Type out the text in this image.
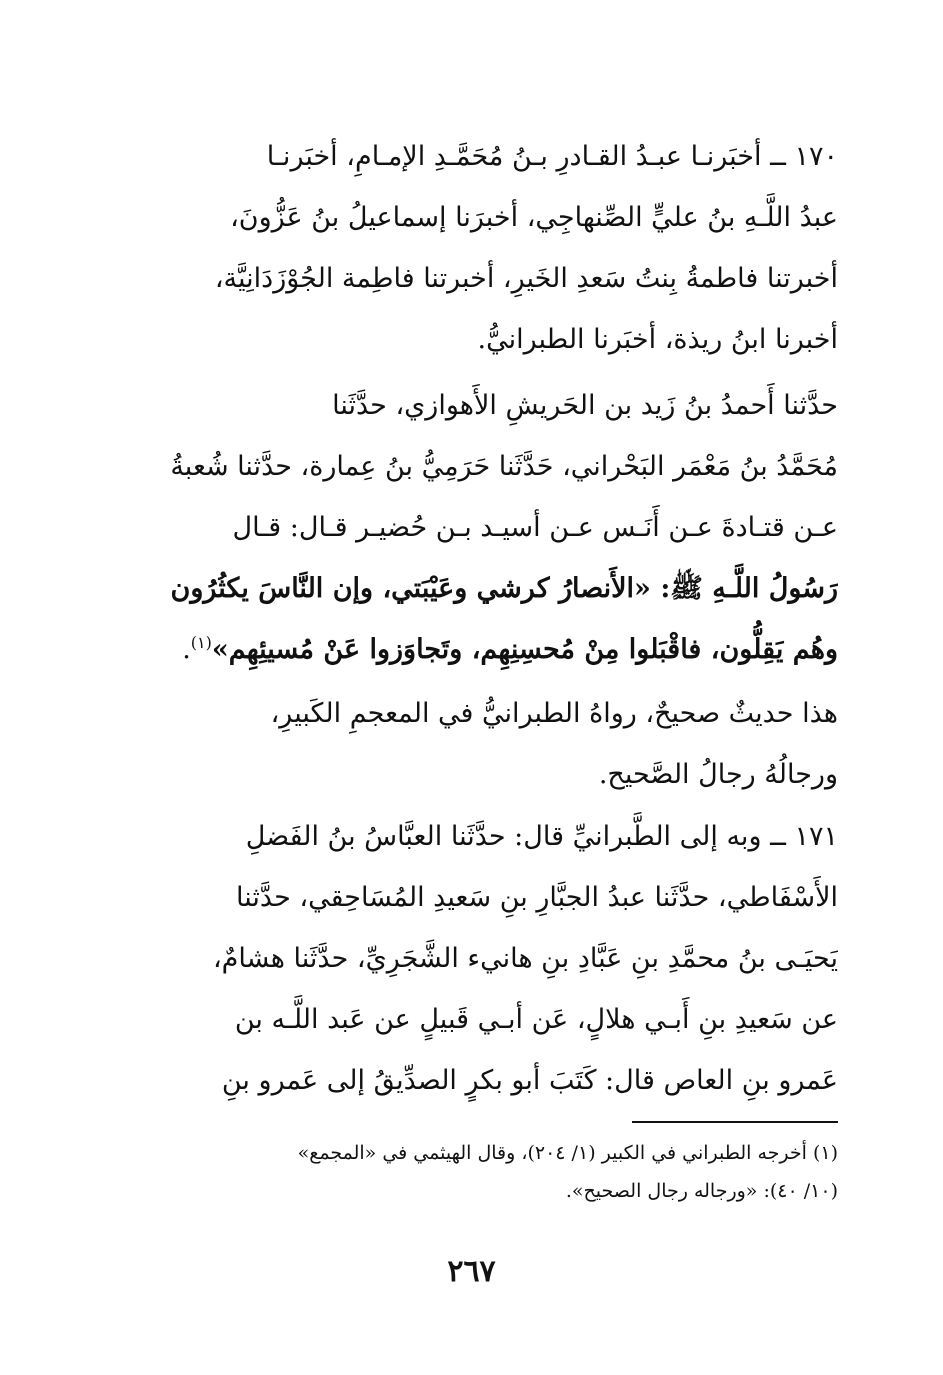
١٧٠ ــ أخبَرنـا عبـدُ القـادرِ بـنُ مُحَمَّـدِ الإمـامِ، أخبَرنـا
عبدُ اللَّـهِ بنُ عليٍّ الصِّنهاجِي، أخبرَنا إسماعيلُ بنُ عَزُّونَ،
أخبرتنا فاطمةُ بِنتُ سَعدِ الخَيرِ، أخبرتنا فاطِمة الجُوْزَدَانِيَّة،
أخبرنا ابنُ ريذة، أخبَرنا الطبرانيُّ.
حدَّثنا أَحمدُ بنُ زَيد بن الحَريشِ الأَهوازي، حدَّثَنا
مُحَمَّدُ بنُ مَعْمَر البَحْراني، حَدَّثَنا حَرَمِيُّ بنُ عِمارة، حدَّثنا شُعبةُ
عـن قتـادةَ عـن أَنَـس عـن أسيـد بـن حُضيـر قـال: قـال
رَسُولُ اللَّـهِ ﷺ: «الأَنصارُ كرشي وعَيْبَتي، وإن النَّاسَ يكثُرُون
وهُم يَقِلُّون، فاقْبَلوا مِنْ مُحسِنِهِم، وتَجاوَزوا عَنْ مُسيئِهِم»$^{(١)}$.
هذا حديثٌ صحيحٌ، رواهُ الطبرانيُّ في المعجمِ الكَبيرِ،
ورجالُهُ رجالُ الصَّحيح.
١٧١ ــ وبه إلى الطَّبرانيِّ قال: حدَّثَنا العبَّاسُ بنُ الفَضلِ
الأَسْفَاطي، حدَّثَنا عبدُ الجبَّارِ بنِ سَعيدِ المُسَاحِقي، حدَّثنا
يَحيَـى بنُ محمَّدِ بنِ عَبَّادِ بنِ هانيء الشَّجَرِيِّ، حدَّثَنا هشامٌ،
عن سَعيدِ بنِ أَبـي هلالٍ، عَن أبـي قَبيلٍ عن عَبد اللَّـه بن
عَمرو بنِ العاص قال: كَتَبَ أبو بكرٍ الصدِّيقُ إلى عَمرو بنِ
(١) أخرجه الطبراني في الكبير (١/ ٢٠٤)، وقال الهيثمي في «المجمع»
(١٠/ ٤٠): «ورجاله رجال الصحيح».
٢٦٧
